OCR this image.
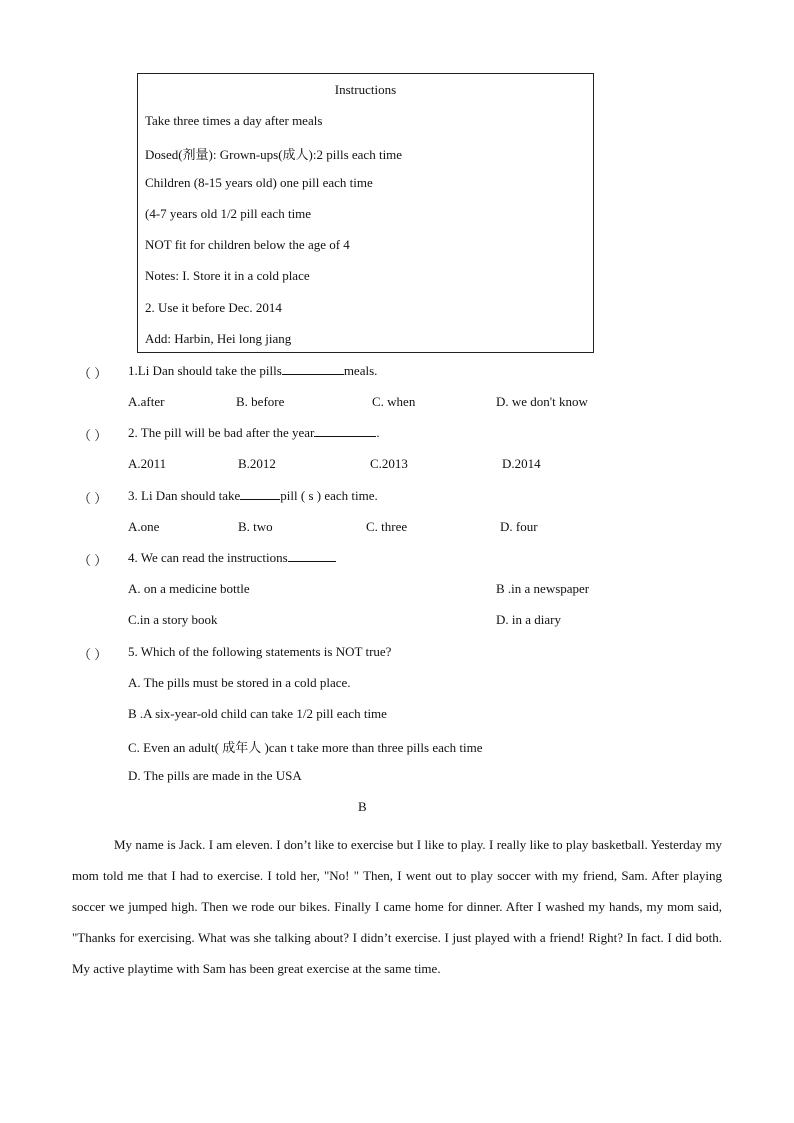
Instructions
Take three times a day after meals
Dosed(剂量): Grown-ups(成人):2 pills each time
Children (8-15 years old) one pill each time
(4-7 years old 1/2 pill each time
NOT fit for children below the age of 4
Notes: I. Store it in a cold place
2. Use it before Dec. 2014
Add: Harbin, Hei long jiang
（ ） 1.Li Dan should take the pills	meals.
A.after	B. before	C. when	D. we don't know
（ ） 2. The pill will be bad after the year	.
A.2011	B.2012	C.2013	D.2014
（ ） 3. Li Dan should take	pill ( s ) each time.
A.one	B. two	C. three	D. four
（ ） 4. We can read the instructions
A. on a medicine bottle	B .in a newspaper
C.in a story book	D. in a diary
（ ） 5. Which of the following statements is NOT true?
A. The pills must be stored in a cold place.
B .A six-year-old child can take 1/2 pill each time
C. Even an adult( 成年人 )can t take more than three pills each time
D. The pills are made in the USA
B
My name is Jack. I am eleven. I don’t like to exercise but I like to play. I really like to play basketball. Yesterday my mom told me that I had to exercise. I told her, "No! " Then, I went out to play soccer with my friend, Sam. After playing soccer we jumped high. Then we rode our bikes. Finally I came home for dinner. After I washed my hands, my mom said, "Thanks for exercising. What was she talking about? I didn’t exercise. I just played with a friend! Right? In fact. I did both. My active playtime with Sam has been great exercise at the same time.
